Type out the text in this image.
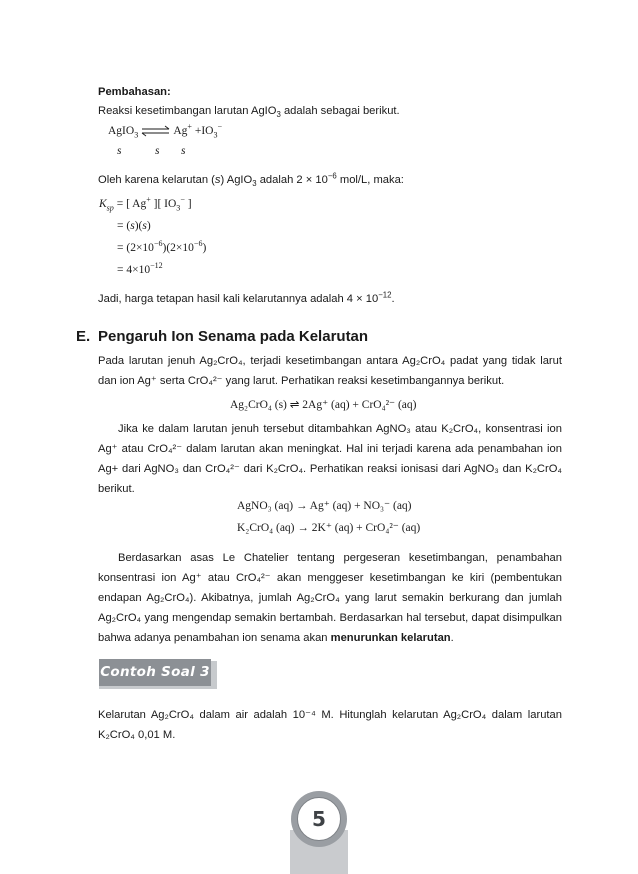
Pembahasan:
Reaksi kesetimbangan larutan AgIO$_3$ adalah sebagai berikut.
AgIO$_3$ ⇌ $Ag^+ +IO_3^-$
s	s s
Oleh karena kelarutan (s) AgIO$_3$ adalah $2 \times 10^{-6}$ mol/L, maka:
$K_{sp}$ = [ Ag+ ][ $IO_3^-$ ]
= (s)(s)
= $(2\times 10^{-6})(2\times 10^{-6})$
= $4\times 10^{-12}$
Jadi, harga tetapan hasil kali kelarutannya adalah $4 \times 10^{-12}$.
E. Pengaruh Ion Senama pada Kelarutan
Pada larutan jenuh Ag₂CrO₄, terjadi kesetimbangan antara Ag₂CrO₄ padat yang tidak larut dan ion Ag⁺ serta CrO₄²⁻ yang larut. Perhatikan reaksi kesetimbangannya berikut.
Ag₂CrO₄ (s) ⇌ 2Ag⁺ (aq) + CrO₄²⁻ (aq)
Jika ke dalam larutan jenuh tersebut ditambahkan AgNO₃ atau K₂CrO₄, konsentrasi ion Ag⁺ atau CrO₄²⁻ dalam larutan akan meningkat. Hal ini terjadi karena ada penambahan ion Ag+ dari AgNO₃ dan CrO₄²⁻ dari K₂CrO₄. Perhatikan reaksi ionisasi dari AgNO₃ dan K₂CrO₄ berikut.
AgNO₃ (aq) → Ag⁺ (aq) + NO₃⁻ (aq)
K₂CrO₄ (aq) → 2K⁺ (aq) + CrO₄²⁻ (aq)
Berdasarkan asas Le Chatelier tentang pergeseran kesetimbangan, penambahan konsentrasi ion Ag⁺ atau CrO₄²⁻ akan menggeser kesetimbangan ke kiri (pembentukan endapan Ag₂CrO₄). Akibatnya, jumlah Ag₂CrO₄ yang larut semakin berkurang dan jumlah Ag₂CrO₄ yang mengendap semakin bertambah. Berdasarkan hal tersebut, dapat disimpulkan bahwa adanya penambahan ion senama akan menurunkan kelarutan.
Contoh Soal 3
Kelarutan Ag₂CrO₄ dalam air adalah 10⁻⁴ M. Hitunglah kelarutan Ag₂CrO₄ dalam larutan K₂CrO₄ 0,01 M.
5
